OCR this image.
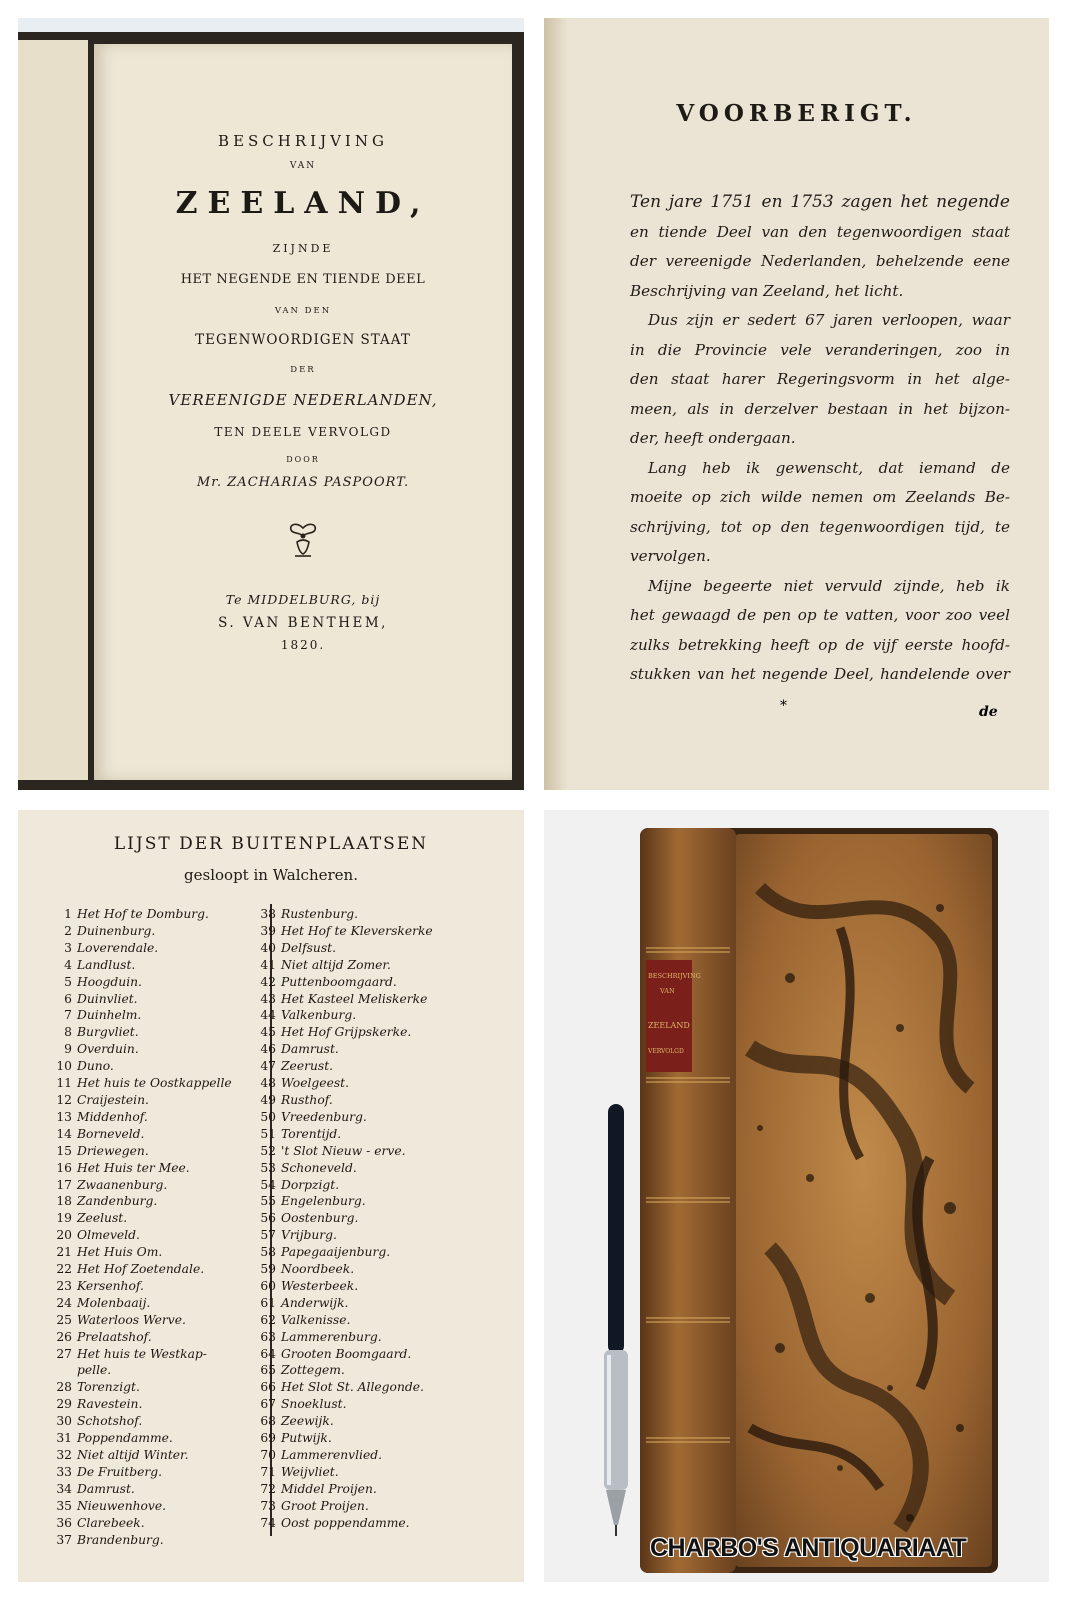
BESCHRIJVING
VAN
ZEELAND,
ZIJNDE
HET NEGENDE EN TIENDE DEEL
VAN DEN
TEGENWOORDIGEN STAAT
DER
VEREENIGDE NEDERLANDEN,
TEN DEELE VERVOLGD
DOOR
Mr. ZACHARIAS PASPOORT.
Te MIDDELBURG, bij
S. VAN BENTHEM,
1820.
VOORBERIGT.
Ten jare 1751 en 1753 zagen het negende
en tiende Deel van den tegenwoordigen staat
der vereenigde Nederlanden, behelzende eene
Beschrijving van Zeeland, het licht.
Dus zijn er sedert 67 jaren verloopen, waar
in die Provincie vele veranderingen, zoo in
den staat harer Regeringsvorm in het alge-
meen, als in derzelver bestaan in het bijzon-
der, heeft ondergaan.
Lang heb ik gewenscht, dat iemand de
moeite op zich wilde nemen om Zeelands Be-
schrijving, tot op den tegenwoordigen tijd, te
vervolgen.
Mijne begeerte niet vervuld zijnde, heb ik
het gewaagd de pen op te vatten, voor zoo veel
zulks betrekking heeft op de vijf eerste hoofd-
stukken van het negende Deel, handelende over
*	de
LIJST DER BUITENPLAATSEN
gesloopt in Walcheren.
1 Het Hof te Domburg.
2 Duinenburg.
3 Loverendale.
4 Landlust.
5 Hoogduin.
6 Duinvliet.
7 Duinhelm.
8 Burgvliet.
9 Overduin.
10 Duno.
11 Het huis te Oostkappelle
12 Craijestein.
13 Middenhof.
14 Borneveld.
15 Driewegen.
16 Het Huis ter Mee.
17 Zwaanenburg.
18 Zandenburg.
19 Zeelust.
20 Olmeveld.
21 Het Huis Om.
22 Het Hof Zoetendale.
23 Kersenhof.
24 Molenbaaij.
25 Waterloos Werve.
26 Prelaatshof.
27 Het huis te Westkap-
pelle.
28 Torenzigt.
29 Ravestein.
30 Schotshof.
31 Poppendamme.
32 Niet altijd Winter.
33 De Fruitberg.
34 Damrust.
35 Nieuwenhove.
36 Clarebeek.
37 Brandenburg.
38 Rustenburg.
39 Het Hof te Kleverskerke
40 Delfsust.
41 Niet altijd Zomer.
42 Puttenboomgaard.
43 Het Kasteel Meliskerke
44 Valkenburg.
45 Het Hof Grijpskerke.
46 Damrust.
47 Zeerust.
48 Woelgeest.
49 Rusthof.
50 Vreedenburg.
51 Torentijd.
52 't Slot Nieuw - erve.
53 Schoneveld.
54 Dorpzigt.
55 Engelenburg.
56 Oostenburg.
57 Vrijburg.
58 Papegaaijenburg.
59 Noordbeek.
60 Westerbeek.
61 Anderwijk.
62 Valkenisse.
63 Lammerenburg.
64 Grooten Boomgaard.
65 Zottegem.
66 Het Slot St. Allegonde.
67 Snoeklust.
68 Zeewijk.
69 Putwijk.
70 Lammerenvlied.
71 Weijvliet.
72 Middel Proijen.
73 Groot Proijen.
74 Oost poppendamme.
BESCHRIJVING
VAN
ZEELAND
VERVOLGD
CHARBO'S ANTIQUARIAAT
